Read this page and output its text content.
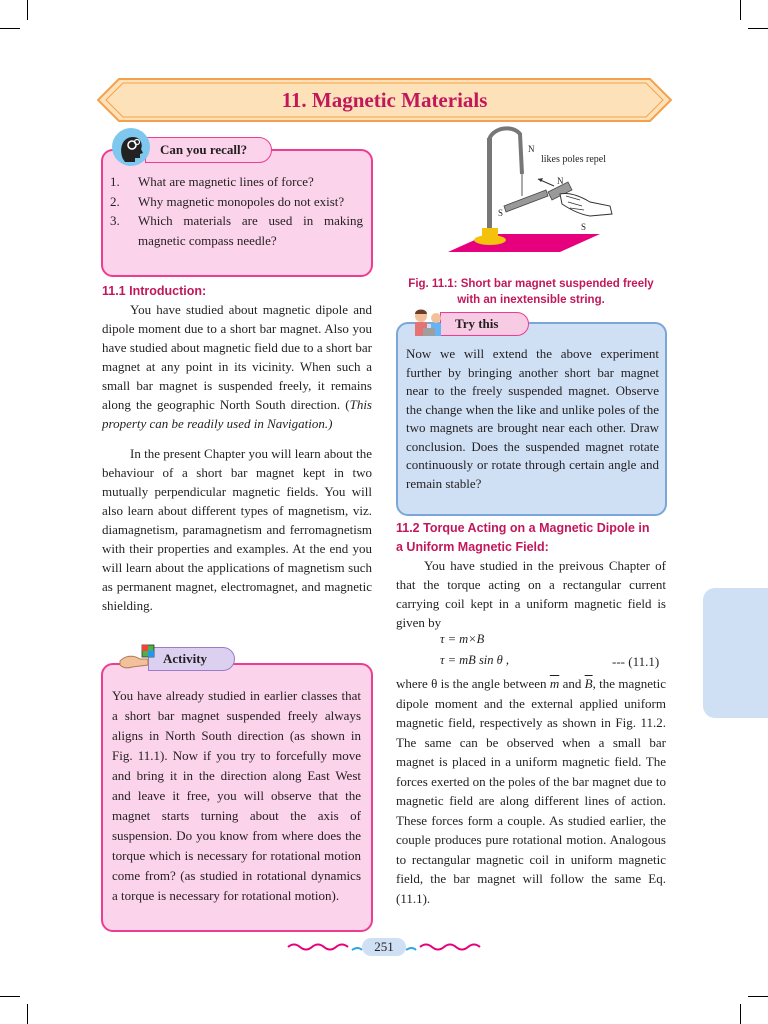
11. Magnetic Materials
Can you recall?
1.	What are magnetic lines of force?
2.	Why magnetic monopoles do not exist?
3.	Which materials are used in making magnetic compass needle?
11.1 Introduction:
You have studied about magnetic dipole and dipole moment due to a short bar magnet. Also you have studied about magnetic field due to a short bar magnet at any point in its vicinity. When such a small bar magnet is suspended freely, it remains along the geographic North South direction. (This property can be readily used in Navigation.)
In the present Chapter you will learn about the behaviour of a short bar magnet kept in two mutually perpendicular magnetic fields. You will also learn about different types of magnetism, viz. diamagnetism, paramagnetism and ferromagnetism with their properties and examples. At the end you will learn about the applications of magnetism such as permanent magnet, electromagnet, and magnetic shielding.
Activity
You have already studied in earlier classes that a short bar magnet suspended freely always aligns in North South direction (as shown in Fig. 11.1). Now if you try to forcefully move and bring it in the direction along East West and leave it free, you will observe that the magnet starts turning about the axis of suspension. Do you know from where does the torque which is necessary for rotational motion come from? (as studied in rotational dynamics a torque is necessary for rotational motion).
N
likes poles repel
N
S
S
Fig. 11.1: Short bar magnet suspended freely
with an inextensible string.
Try this
Now we will extend the above experiment further by bringing another short bar magnet near to the freely suspended magnet. Observe the change when the like and unlike poles of the two magnets are brought near each other. Draw conclusion. Does the suspended magnet rotate continuously or rotate through certain angle and remain stable?
11.2 Torque Acting on a Magnetic Dipole in
a Uniform Magnetic Field:
You have studied in the preivous Chapter of that the torque acting on a rectangular current carrying coil kept in a uniform magnetic field is given by
τ = m×B
τ = mB sin θ ,	--- (11.1)
where θ is the angle between $\overline{m}$ and $\overline{B}$, the magnetic dipole moment and the external applied uniform magnetic field, respectively as shown in Fig. 11.2. The same can be observed when a small bar magnet is placed in a uniform magnetic field. The forces exerted on the poles of the bar magnet due to magnetic field are along different lines of action. These forces form a couple. As studied earlier, the couple produces pure rotational motion. Analogous to rectangular magnetic coil in uniform magnetic field, the bar magnet will follow the same Eq. (11.1).
251
